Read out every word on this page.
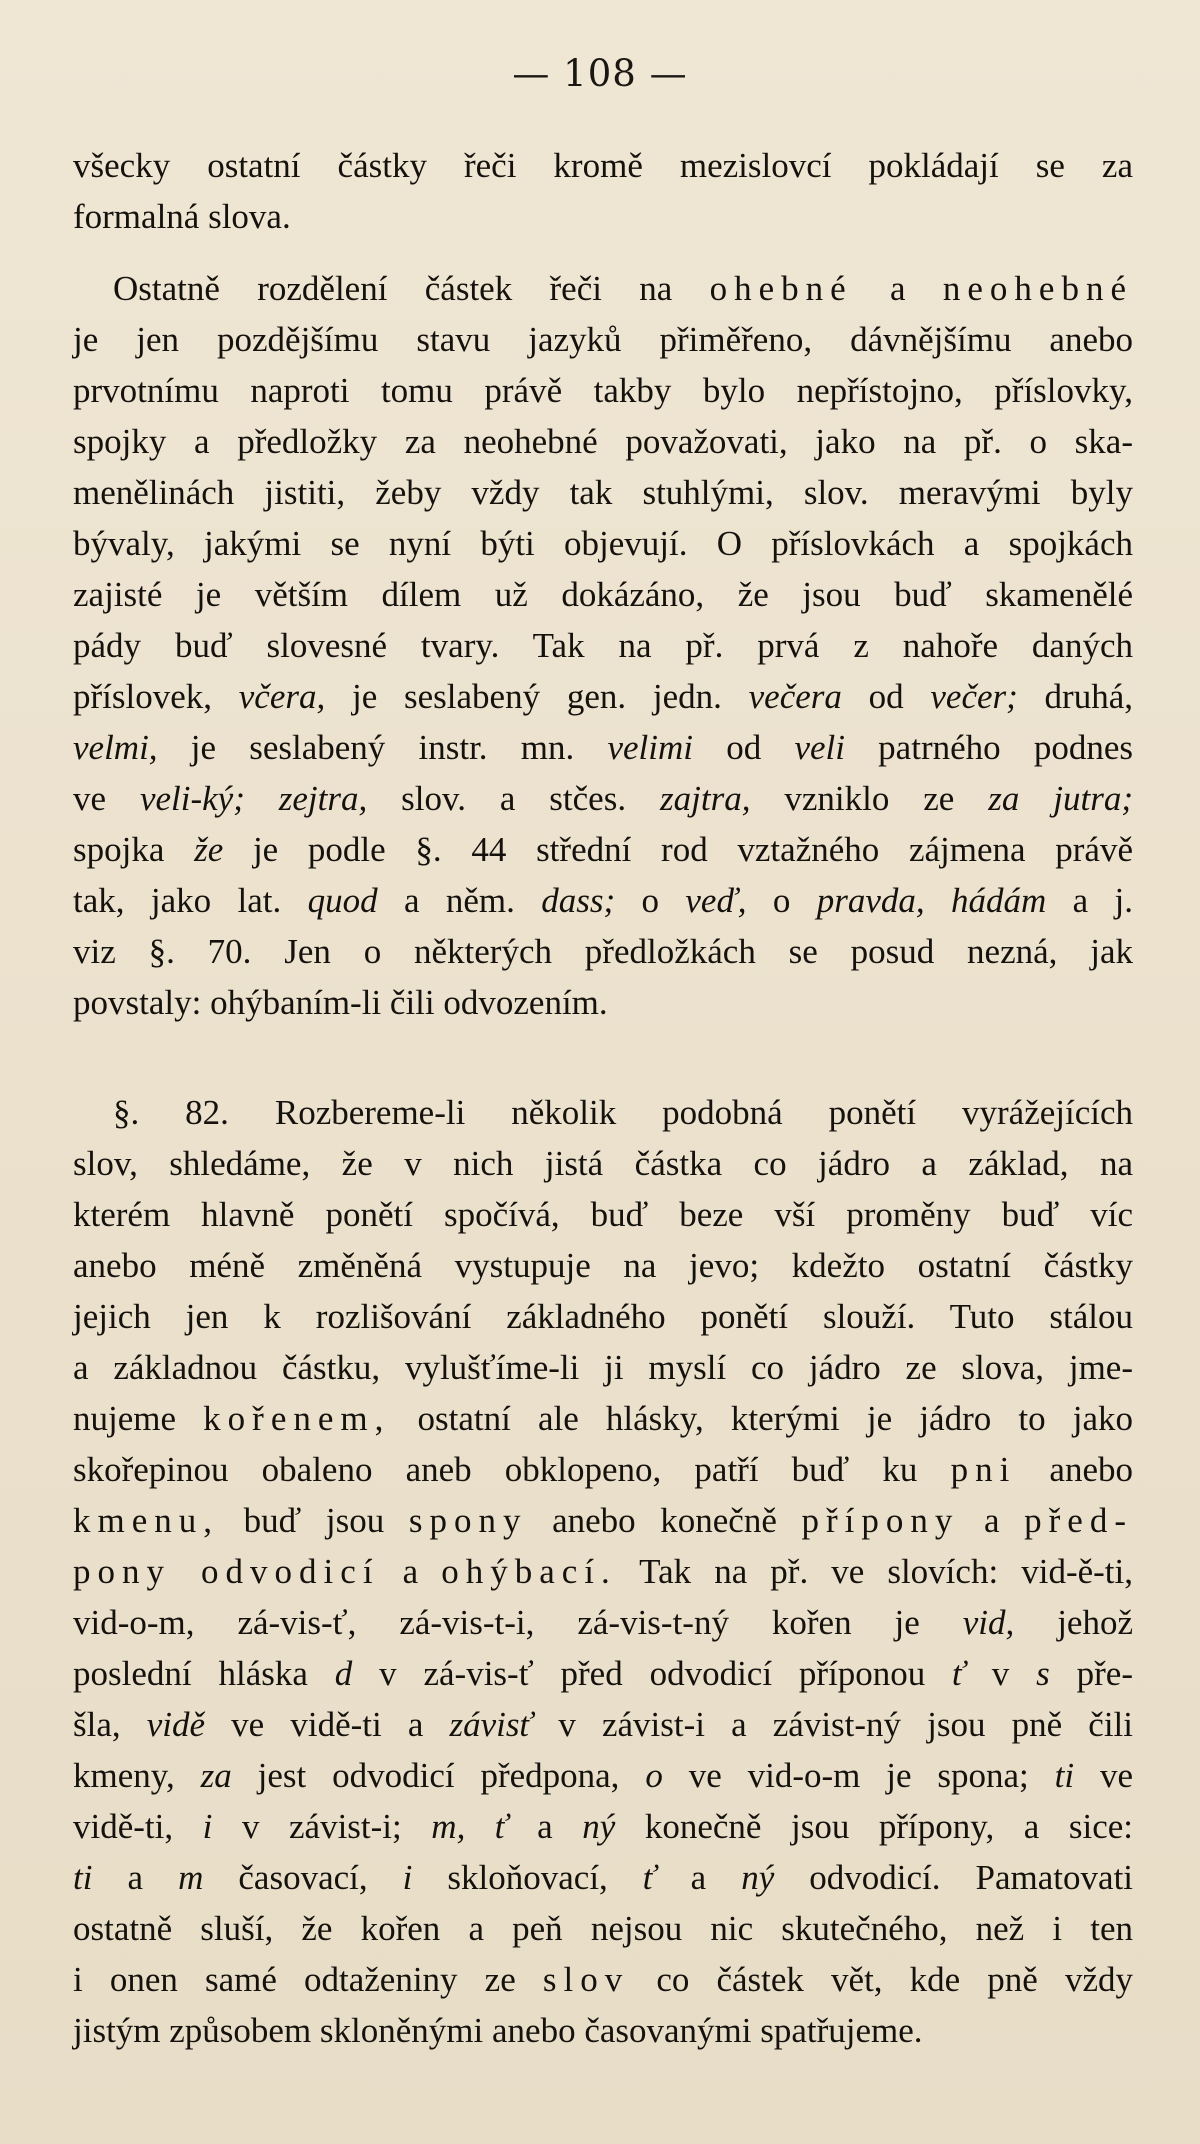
— 108 —
všecky ostatní částky řeči kromě mezislovcí pokládají se za
formalná slova.
Ostatně rozdělení částek řeči na ohebné a neohebné
je jen pozdějšímu stavu jazyků přiměřeno, dávnějšímu anebo
prvotnímu naproti tomu právě takby bylo nepřístojno, příslovky,
spojky a předložky za neohebné považovati, jako na př. o ska-
menělinách jistiti, žeby vždy tak stuhlými, slov. meravými byly
bývaly, jakými se nyní býti objevují. O příslovkách a spojkách
zajisté je větším dílem už dokázáno, že jsou buď skamenělé
pády buď slovesné tvary. Tak na př. prvá z nahoře daných
příslovek, včera, je seslabený gen. jedn. večera od večer; druhá,
velmi, je seslabený instr. mn. velimi od veli patrného podnes
ve veli-ký; zejtra, slov. a stčes. zajtra, vzniklo ze za jutra;
spojka že je podle §. 44 střední rod vztažného zájmena právě
tak, jako lat. quod a něm. dass; o veď, o pravda, hádám a j.
viz §. 70. Jen o některých předložkách se posud nezná, jak
povstaly: ohýbaním-li čili odvozením.
§. 82. Rozbereme-li několik podobná ponětí vyrážejících
slov, shledáme, že v nich jistá částka co jádro a základ, na
kterém hlavně ponětí spočívá, buď beze vší proměny buď víc
anebo méně změněná vystupuje na jevo; kdežto ostatní částky
jejich jen k rozlišování základného ponětí slouží. Tuto stálou
a základnou částku, vylušťíme-li ji myslí co jádro ze slova, jme-
nujeme kořenem, ostatní ale hlásky, kterými je jádro to jako
skořepinou obaleno aneb obklopeno, patří buď ku pni anebo
kmenu, buď jsou spony anebo konečně přípony a před-
pony odvodicí a ohýbací. Tak na př. ve slovích: vid-ě-ti,
vid-o-m, zá-vis-ť, zá-vis-t-i, zá-vis-t-ný kořen je vid, jehož
poslední hláska d v zá-vis-ť před odvodicí příponou ť v s pře-
šla, vidě ve vidě-ti a závisť v závist-i a závist-ný jsou pně čili
kmeny, za jest odvodicí předpona, o ve vid-o-m je spona; ti ve
vidě-ti, i v závist-i; m, ť a ný konečně jsou přípony, a sice:
ti a m časovací, i skloňovací, ť a ný odvodicí. Pamatovati
ostatně sluší, že kořen a peň nejsou nic skutečného, než i ten
i onen samé odtaženiny ze slov co částek vět, kde pně vždy
jistým způsobem skloněnými anebo časovanými spatřujeme.
